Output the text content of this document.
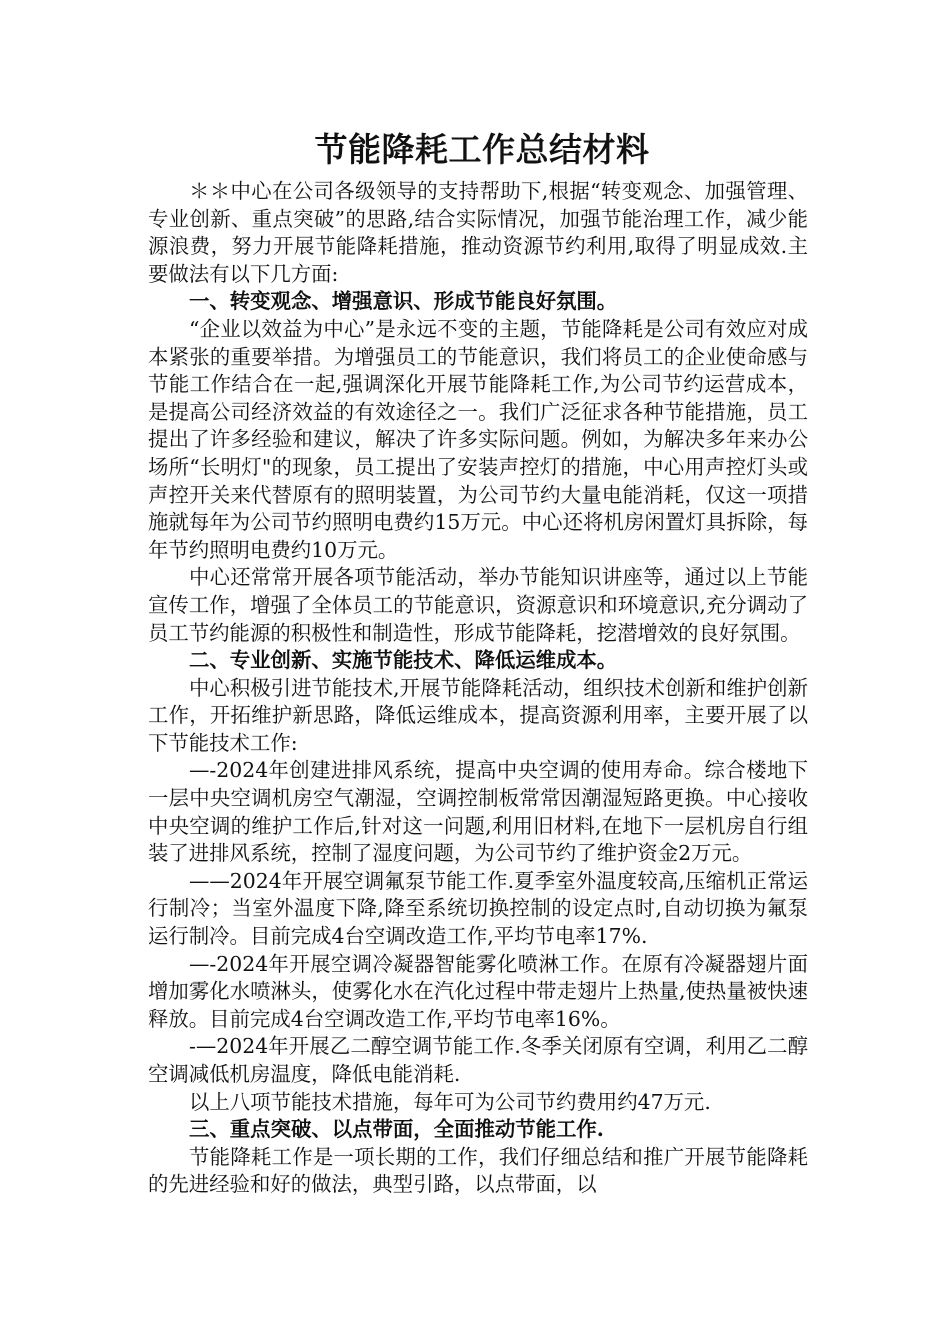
节能降耗工作总结材料

＊＊中心在公司各级领导的支持帮助下,根据“转变观念、加强管理、专业创新、重点突破”的思路,结合实际情况，加强节能治理工作，减少能源浪费，努力开展节能降耗措施，推动资源节约利用,取得了明显成效.主要做法有以下几方面:

一、转变观念、增强意识、形成节能良好氛围。

“企业以效益为中心”是永远不变的主题，节能降耗是公司有效应对成本紧张的重要举措。为增强员工的节能意识，我们将员工的企业使命感与节能工作结合在一起,强调深化开展节能降耗工作,为公司节约运营成本，是提高公司经济效益的有效途径之一。我们广泛征求各种节能措施，员工提出了许多经验和建议，解决了许多实际问题。例如，为解决多年来办公场所“长明灯"的现象，员工提出了安装声控灯的措施，中心用声控灯头或声控开关来代替原有的照明装置，为公司节约大量电能消耗，仅这一项措施就每年为公司节约照明电费约15万元。中心还将机房闲置灯具拆除，每年节约照明电费约10万元。

中心还常常开展各项节能活动，举办节能知识讲座等，通过以上节能宣传工作，增强了全体员工的节能意识，资源意识和环境意识,充分调动了员工节约能源的积极性和制造性，形成节能降耗，挖潜增效的良好氛围。

二、专业创新、实施节能技术、降低运维成本。

中心积极引进节能技术,开展节能降耗活动，组织技术创新和维护创新工作，开拓维护新思路，降低运维成本，提高资源利用率，主要开展了以下节能技术工作:

—-2024年创建进排风系统，提高中央空调的使用寿命。综合楼地下一层中央空调机房空气潮湿，空调控制板常常因潮湿短路更换。中心接收中央空调的维护工作后,针对这一问题,利用旧材料,在地下一层机房自行组装了进排风系统，控制了湿度问题，为公司节约了维护资金2万元。

——2024年开展空调氟泵节能工作.夏季室外温度较高,压缩机正常运行制冷；当室外温度下降,降至系统切换控制的设定点时,自动切换为氟泵运行制冷。目前完成4台空调改造工作,平均节电率17%.

—-2024年开展空调冷凝器智能雾化喷淋工作。在原有冷凝器翅片面增加雾化水喷淋头，使雾化水在汽化过程中带走翅片上热量,使热量被快速释放。目前完成4台空调改造工作,平均节电率16%。

-—2024年开展乙二醇空调节能工作.冬季关闭原有空调，利用乙二醇空调减低机房温度，降低电能消耗.

以上八项节能技术措施，每年可为公司节约费用约47万元.

三、重点突破、以点带面，全面推动节能工作.

节能降耗工作是一项长期的工作，我们仔细总结和推广开展节能降耗的先进经验和好的做法，典型引路，以点带面，以
